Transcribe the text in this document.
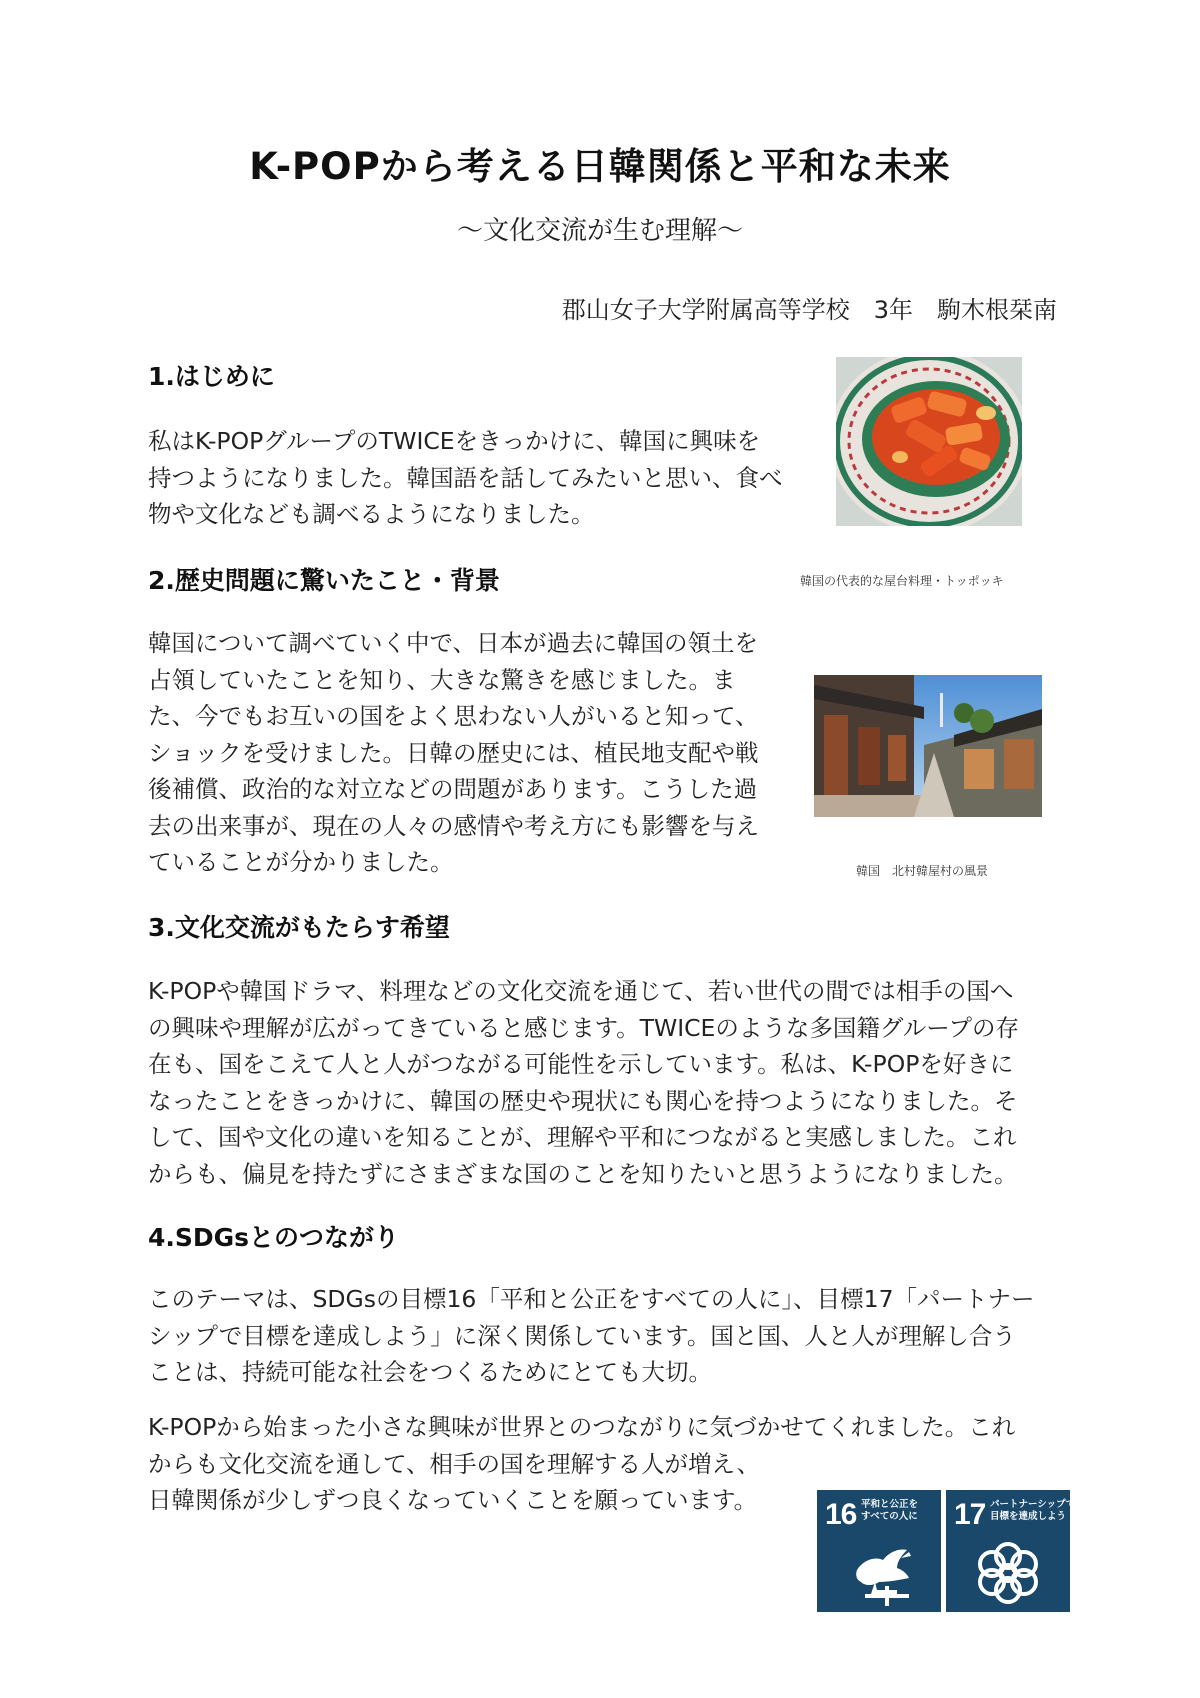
K-POPから考える日韓関係と平和な未来
〜文化交流が生む理解〜
郡山女子大学附属高等学校　3年　駒木根栞南
1.はじめに

私はK-POPグループのTWICEをきっかけに、韓国に興味を
持つようになりました。韓国語を話してみたいと思い、食べ
物や文化なども調べるようになりました。

韓国の代表的な屋台料理・トッポッキ
2.歴史問題に驚いたこと・背景

韓国について調べていく中で、日本が過去に韓国の領土を
占領していたことを知り、大きな驚きを感じました。ま
た、今でもお互いの国をよく思わない人がいると知って、
ショックを受けました。日韓の歴史には、植民地支配や戦
後補償、政治的な対立などの問題があります。こうした過
去の出来事が、現在の人々の感情や考え方にも影響を与え
ていることが分かりました。	韓国　北村韓屋村の風景
3.文化交流がもたらす希望

K-POPや韓国ドラマ、料理などの文化交流を通じて、若い世代の間では相手の国へ
の興味や理解が広がってきていると感じます。TWICEのような多国籍グループの存
在も、国をこえて人と人がつながる可能性を示しています。私は、K-POPを好きに
なったことをきっかけに、韓国の歴史や現状にも関心を持つようになりました。そ
して、国や文化の違いを知ることが、理解や平和につながると実感しました。これ
からも、偏見を持たずにさまざまな国のことを知りたいと思うようになりました。

4.SDGsとのつながり

このテーマは、SDGsの目標16「平和と公正をすべての人に」、目標17「パートナー
シップで目標を達成しよう」に深く関係しています。国と国、人と人が理解し合う
ことは、持続可能な社会をつくるためにとても大切。

K-POPから始まった小さな興味が世界とのつながりに気づかせてくれました。これ
からも文化交流を通して、相手の国を理解する人が増え、
日韓関係が少しずつ良くなっていくことを願っています。	16 平和と公正を
すべての人に 17 パートナーシップで
目標を達成しよう
